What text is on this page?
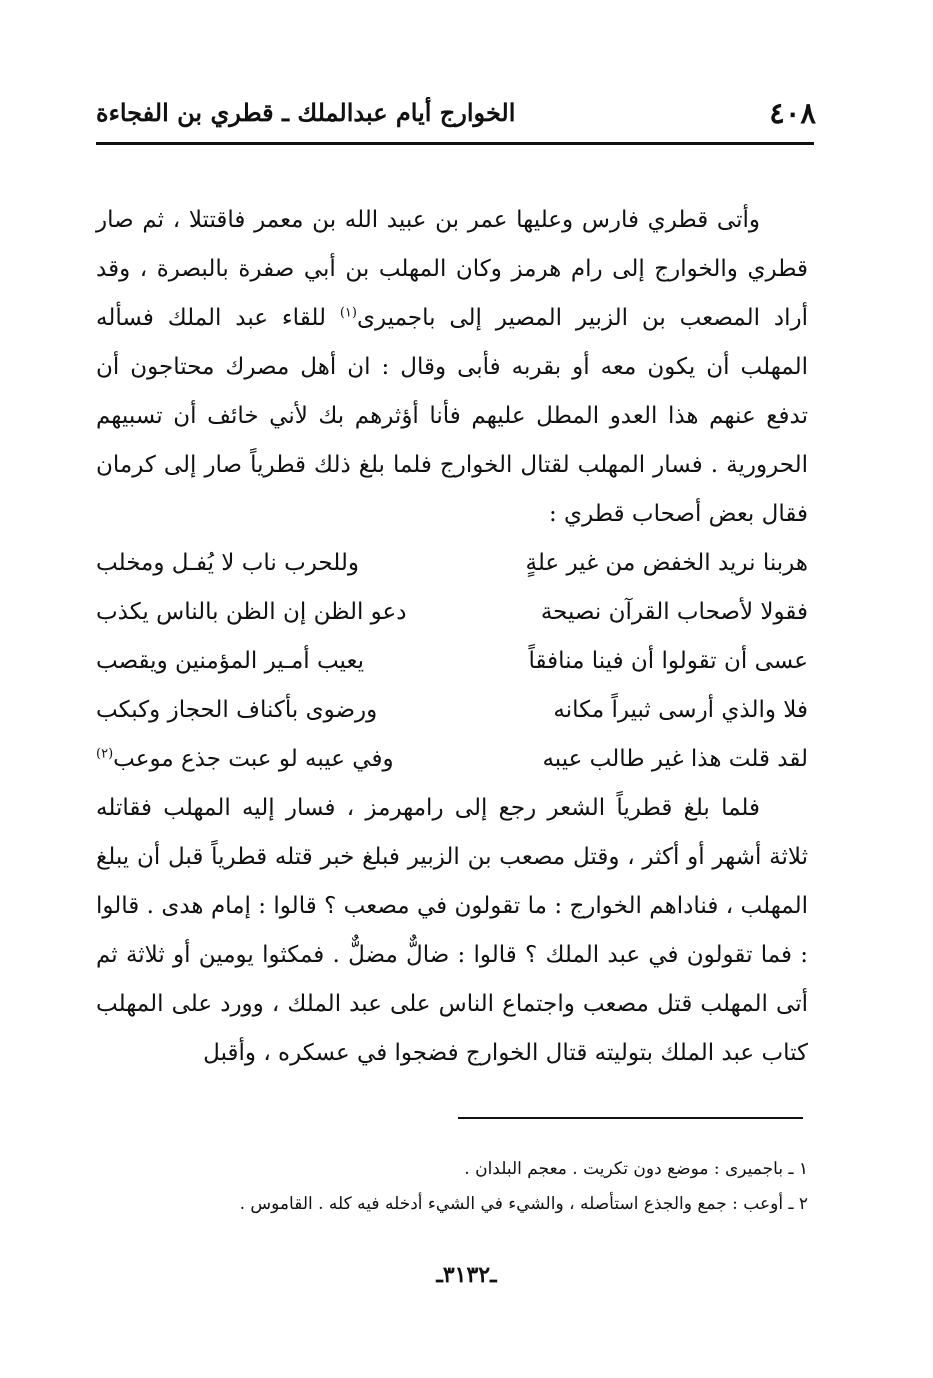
٤٠٨
الخوارج أيام عبدالملك ـ قطري بن الفجاءة

وأتى قطري فارس وعليها عمر بن عبيد الله بن معمر فاقتتلا ، ثم صار قطري والخوارج إلى رام هرمز وكان المهلب بن أبي صفرة بالبصرة ، وقد أراد المصعب بن الزبير المصير إلى باجميرى$^{(١)}$ للقاء عبد الملك فسأله المهلب أن يكون معه أو بقربه فأبى وقال : ان أهل مصرك محتاجون أن تدفع عنهم هذا العدو المطل عليهم فأنا أؤثرهم بك لأني خائف أن تسبيهم الحرورية . فسار المهلب لقتال الخوارج فلما بلغ ذلك قطرياً صار إلى كرمان فقال بعض أصحاب قطري :

هربنا نريد الخفض من غير علةٍ
وللحرب ناب لا يُفـل ومخلب
فقولا لأصحاب القرآن نصيحة
دعو الظن إن الظن بالناس يكذب
عسى أن تقولوا أن فينا منافقاً
يعيب أمـير المؤمنين ويقصب
فلا والذي أرسى ثبيراً مكانه
ورضوى بأكناف الحجاز وكبكب
لقد قلت هذا غير طالب عيبه
وفي عيبه لو عبت جذع موعب$^{(٢)}$

فلما بلغ قطرياً الشعر رجع إلى رامهرمز ، فسار إليه المهلب فقاتله ثلاثة أشهر أو أكثر ، وقتل مصعب بن الزبير فبلغ خبر قتله قطرياً قبل أن يبلغ المهلب ، فناداهم الخوارج : ما تقولون في مصعب ؟ قالوا : إمام هدى . قالوا : فما تقولون في عبد الملك ؟ قالوا : ضالٌّ مضلٌّ . فمكثوا يومين أو ثلاثة ثم أتى المهلب قتل مصعب واجتماع الناس على عبد الملك ، وورد على المهلب كتاب عبد الملك بتوليته قتال الخوارج فضجوا في عسكره ، وأقبل

١ ـ باجميرى : موضع دون تكريت . معجم البلدان .

٢ ـ أوعب : جمع والجذع استأصله ، والشيء في الشيء أدخله فيه كله . القاموس .

ـ٣١٣٢ـ
